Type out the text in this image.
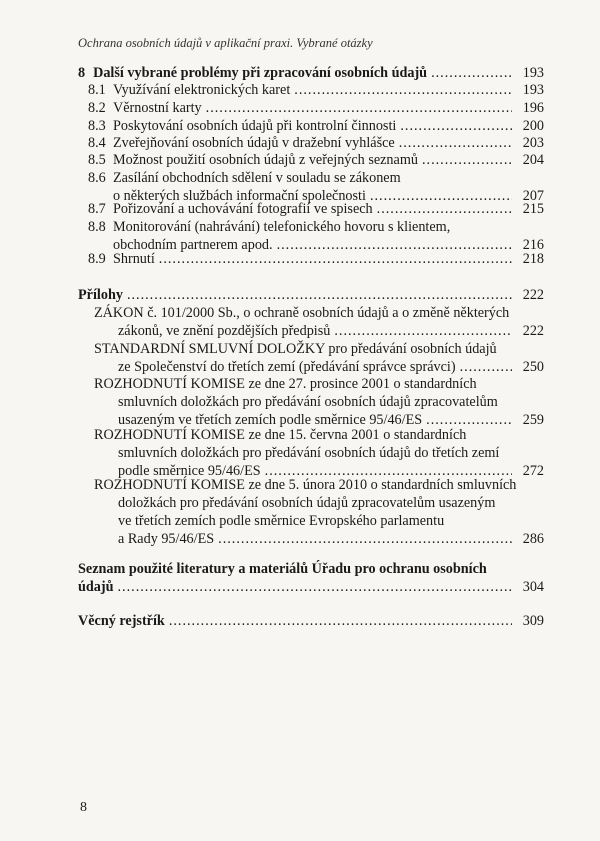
Ochrana osobních údajů v aplikační praxi. Vybrané otázky
8 Další vybrané problémy při zpracování osobních údajů .....	193
8.1 Využívání elektronických karet .....	193
8.2 Věrnostní karty .....	196
8.3 Poskytování osobních údajů při kontrolní činnosti .....	200
8.4 Zveřejňování osobních údajů v dražební vyhlášce .....	203
8.5 Možnost použití osobních údajů z veřejných seznamů .....	204
8.6 Zasílání obchodních sdělení v souladu se zákonem
o některých službách informační společnosti .....	207
8.7 Pořizování a uchovávání fotografií ve spisech .....	215
8.8 Monitorování (nahrávání) telefonického hovoru s klientem,
obchodním partnerem apod. .....	216
8.9 Shrnutí .....	218
Přílohy .....	222
ZÁKON č. 101/2000 Sb., o ochraně osobních údajů a o změně některých
zákonů, ve znění pozdějších předpisů .....	222
STANDARDNÍ SMLUVNÍ DOLOŽKY pro předávání osobních údajů
ze Společenství do třetích zemí (předávání správce správci) .....	250
ROZHODNUTÍ KOMISE ze dne 27. prosince 2001 o standardních
smluvních doložkách pro předávání osobních údajů zpracovatelům
usazeným ve třetích zemích podle směrnice 95/46/ES .....	259
ROZHODNUTÍ KOMISE ze dne 15. června 2001 o standardních
smluvních doložkách pro předávání osobních údajů do třetích zemí
podle směrnice 95/46/ES .....	272
ROZHODNUTÍ KOMISE ze dne 5. února 2010 o standardních smluvních
doložkách pro předávání osobních údajů zpracovatelům usazeným
ve třetích zemích podle směrnice Evropského parlamentu
a Rady 95/46/ES .....	286
Seznam použité literatury a materiálů Úřadu pro ochranu osobních
údajů .....	304
Věcný rejstřík .....	309
8
